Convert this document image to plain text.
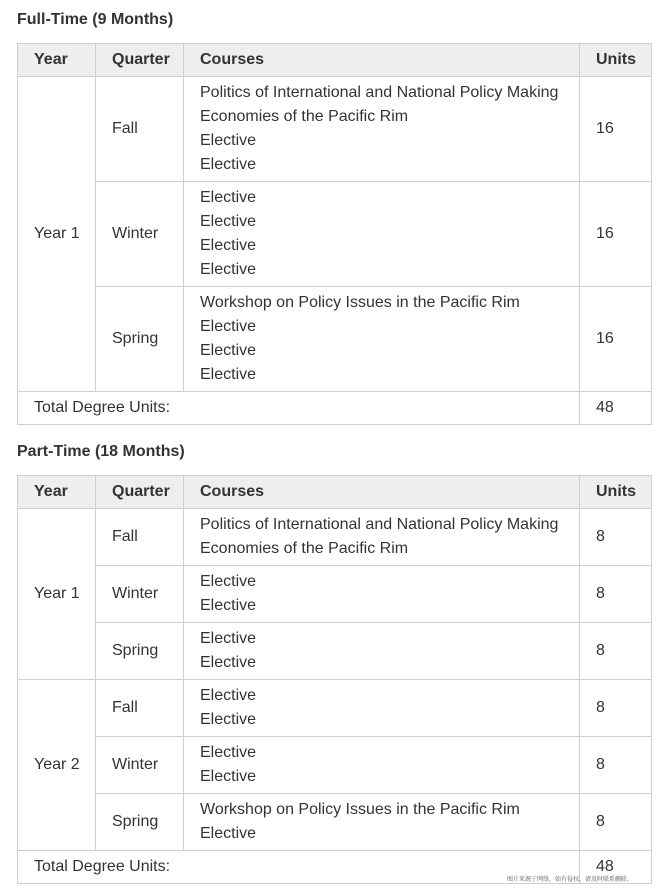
Full-Time (9 Months)
Year	Quarter	Courses	Units
Year 1	Fall	Politics of International and National Policy Making
Economies of the Pacific Rim
Elective
Elective	16
	Winter	Elective
Elective
Elective
Elective	16
	Spring	Workshop on Policy Issues in the Pacific Rim
Elective
Elective
Elective	16
Total Degree Units:			48
Part-Time (18 Months)
Year	Quarter	Courses	Units
Year 1	Fall	Politics of International and National Policy Making
Economies of the Pacific Rim	8
	Winter	Elective
Elective	8
	Spring	Elective
Elective	8
Year 2	Fall	Elective
Elective	8
	Winter	Elective
Elective	8
	Spring	Workshop on Policy Issues in the Pacific Rim
Elective	8
Total Degree Units:			48
图片来源于网络，如有侵权，请及时联系删除。
